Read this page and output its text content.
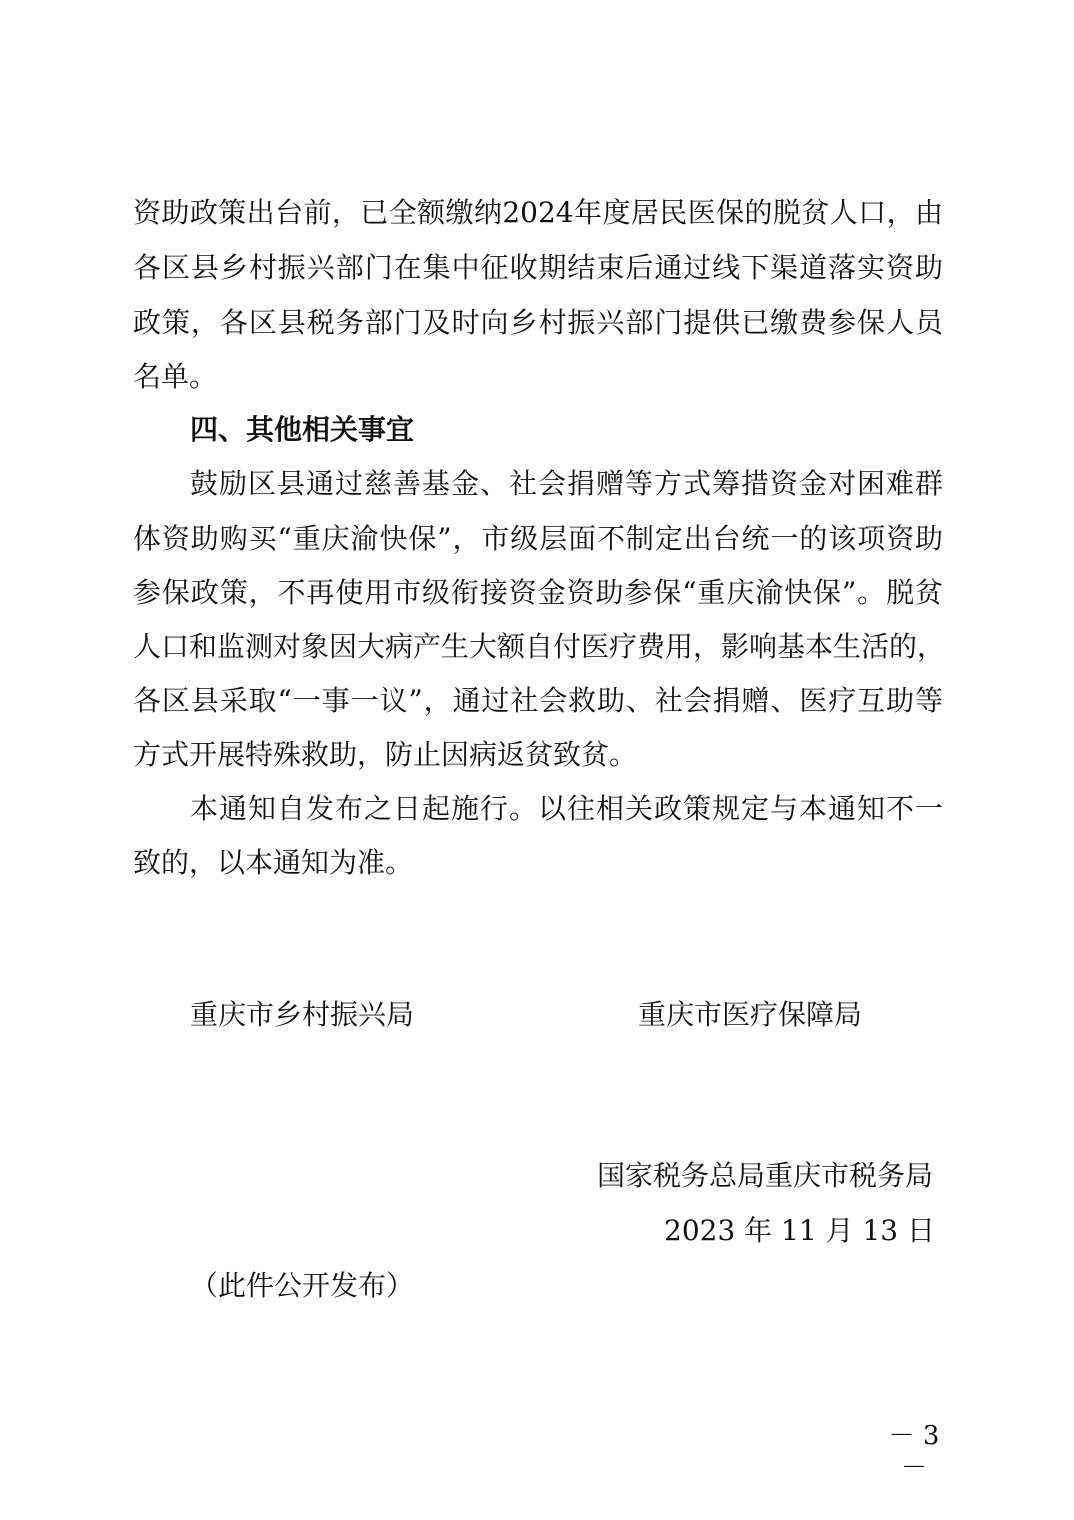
资助政策出台前，已全额缴纳2024年度居民医保的脱贫人口，由
各区县乡村振兴部门在集中征收期结束后通过线下渠道落实资助
政策，各区县税务部门及时向乡村振兴部门提供已缴费参保人员
名单。
四、其他相关事宜
鼓励区县通过慈善基金、社会捐赠等方式筹措资金对困难群
体资助购买“重庆渝快保”，市级层面不制定出台统一的该项资助
参保政策，不再使用市级衔接资金资助参保“重庆渝快保”。脱贫
人口和监测对象因大病产生大额自付医疗费用，影响基本生活的，
各区县采取“一事一议”，通过社会救助、社会捐赠、医疗互助等
方式开展特殊救助，防止因病返贫致贫。
本通知自发布之日起施行。以往相关政策规定与本通知不一
致的，以本通知为准。
重庆市乡村振兴局	重庆市医疗保障局
国家税务总局重庆市税务局
2023 年 11 月 13 日
（此件公开发布）
－ 3 －
